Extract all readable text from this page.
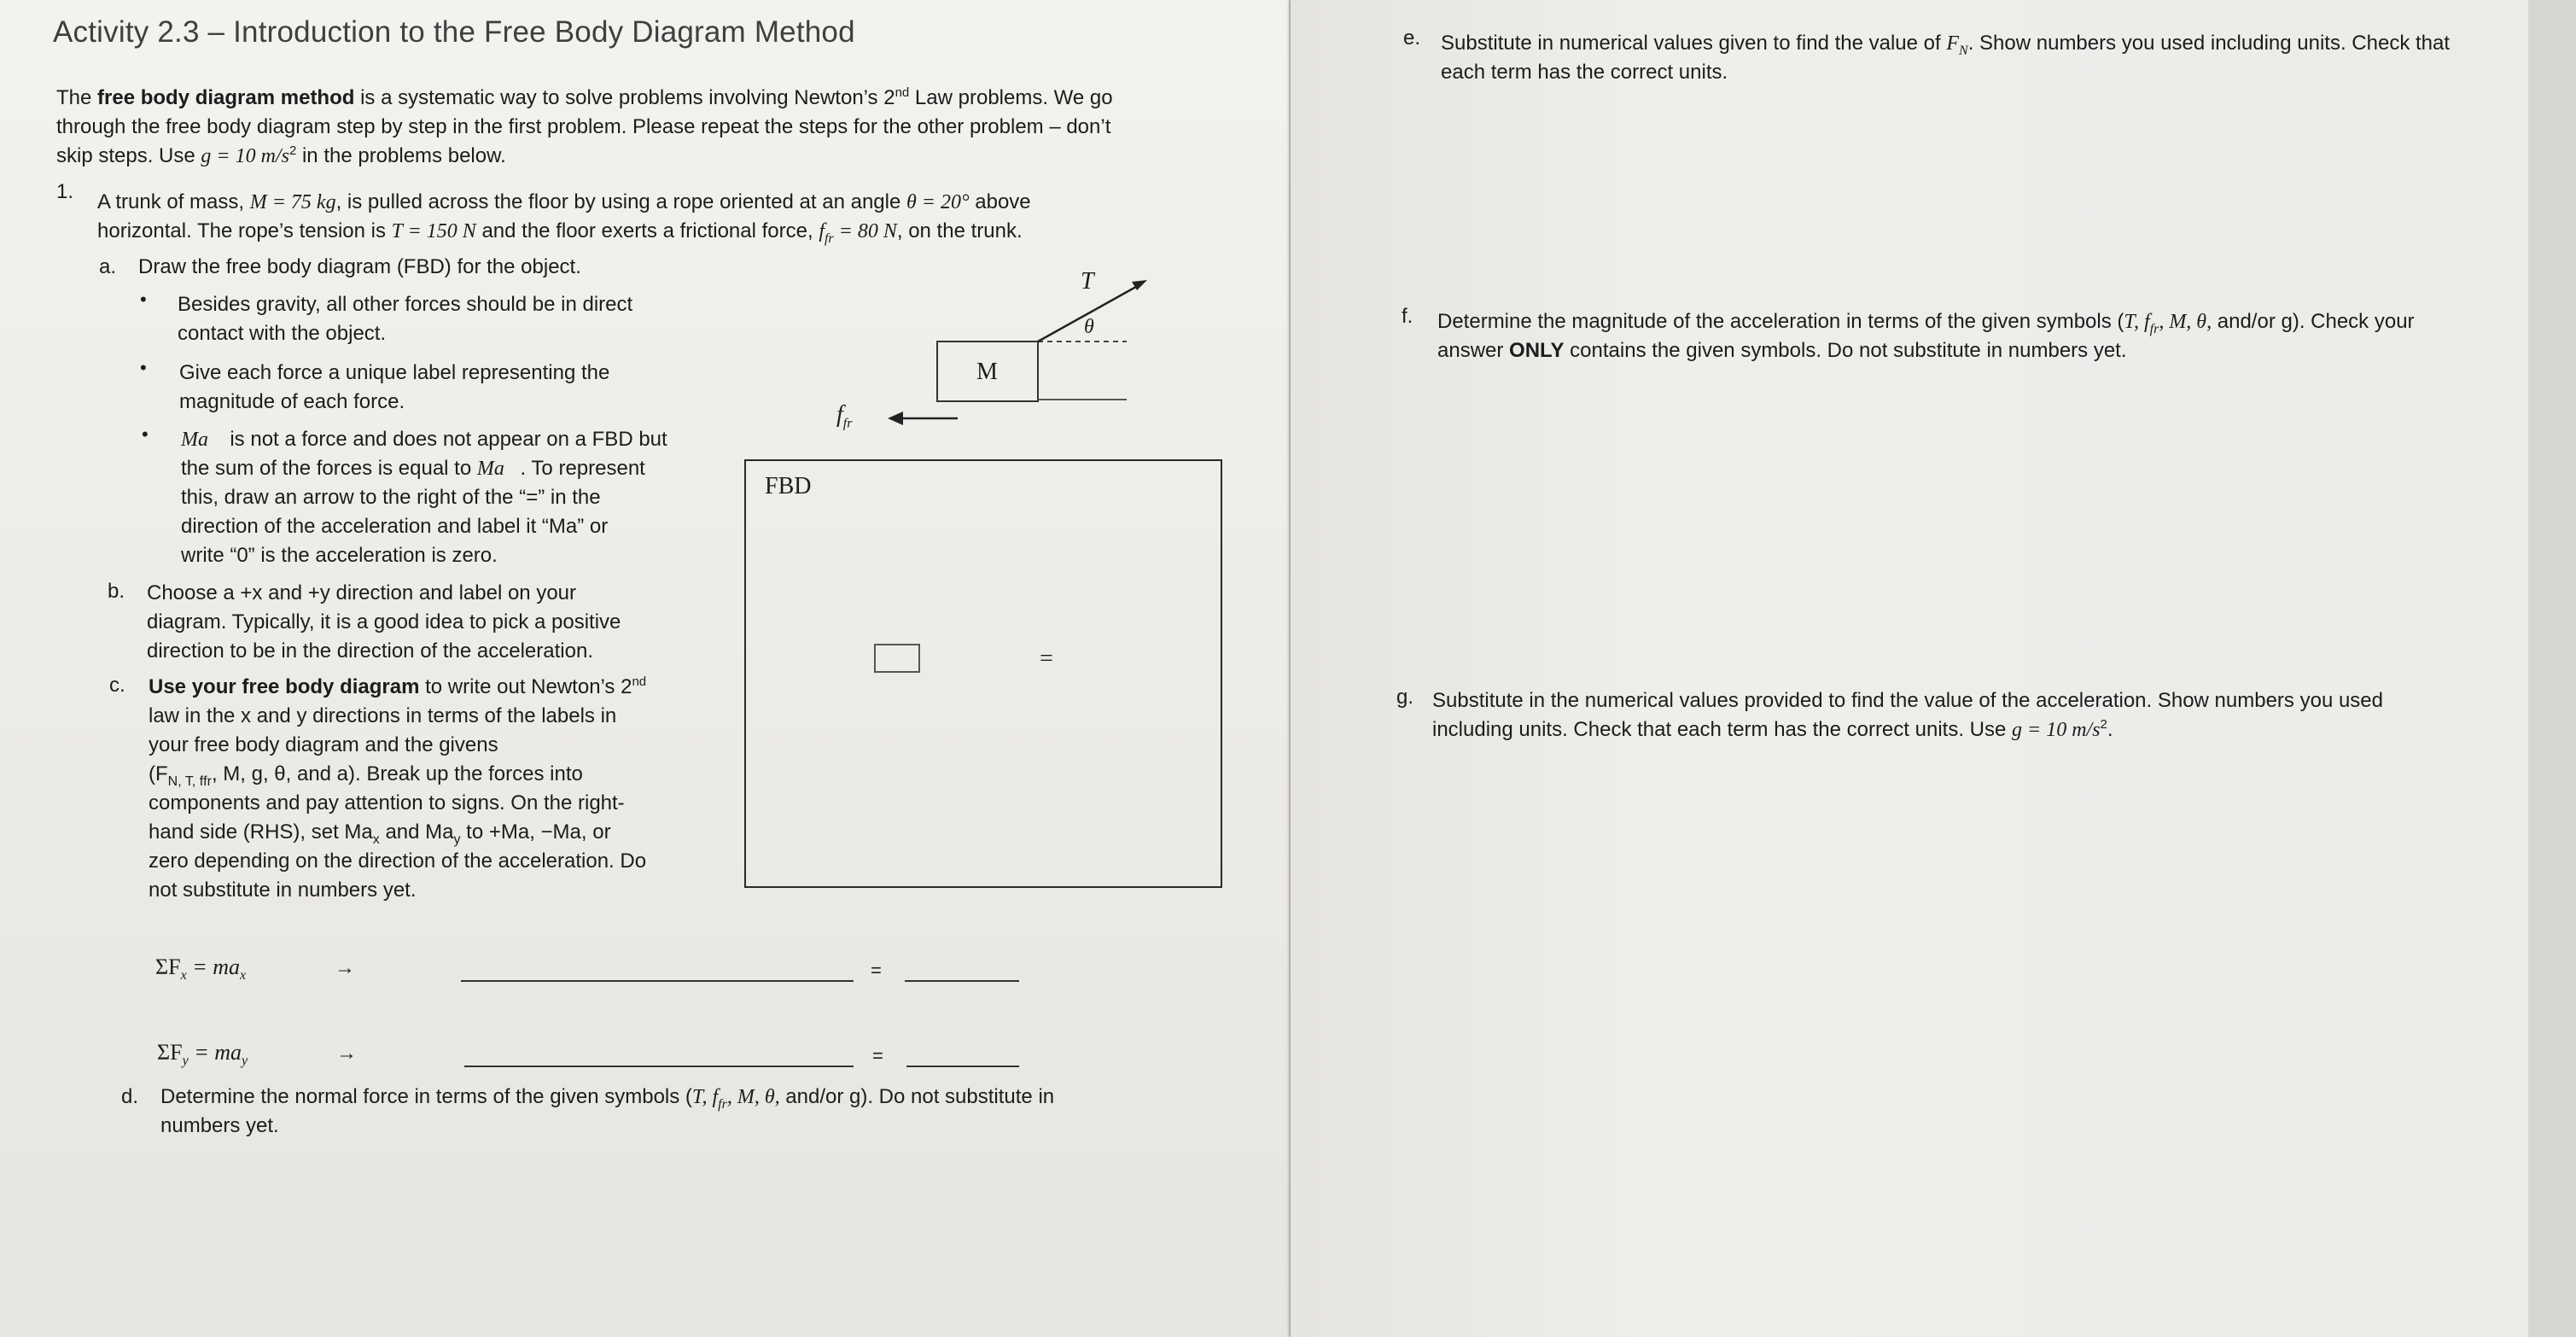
Activity 2.3 – Introduction to the Free Body Diagram Method
The free body diagram method is a systematic way to solve problems involving Newton’s 2nd Law problems. We go
through the free body diagram step by step in the first problem. Please repeat the steps for the other problem – don’t
skip steps. Use g = 10 $m/s^2$ in the problems below.
1. A trunk of mass, M = 75 kg, is pulled across the floor by using a rope oriented at an angle θ = 20° above
horizontal. The rope’s tension is T = 150 N and the floor exerts a frictional force, $f_{fr} = 80$ N, on the trunk.
a. Draw the free body diagram (FBD) for the object.
• Besides gravity, all other forces should be in direct
contact with the object.
• Give each force a unique label representing the
magnitude of each force.
• Ma⃗ is not a force and does not appear on a FBD but
the sum of the forces is equal to Ma⃗. To represent
this, draw an arrow to the right of the “=” in the
direction of the acceleration and label it “Ma” or
write “0” is the acceleration is zero.
b. Choose a +x and +y direction and label on your
diagram. Typically, it is a good idea to pick a positive
direction to be in the direction of the acceleration.
c. Use your free body diagram to write out Newton’s 2nd
law in the x and y directions in terms of the labels in
your free body diagram and the givens
($F_{N, T, ffr}$, M, g, θ, and a). Break up the forces into
components and pay attention to signs. On the right-
hand side (RHS), set $Ma_x$ and $Ma_y$ to +Ma, −Ma, or
zero depending on the direction of the acceleration. Do
not substitute in numbers yet.
M
T
θ
$f_{fr}$
FBD
=
$\Sigma F_x = ma_x$	→	=
$\Sigma F_y = ma_y$	→	=
d. Determine the normal force in terms of the given symbols (T, $f_{fr}$, M, θ, and/or g). Do not substitute in
numbers yet.
e. Substitute in numerical values given to find the value of $F_N$. Show numbers you used including units. Check that
each term has the correct units.
f. Determine the magnitude of the acceleration in terms of the given symbols (T, $f_{fr}$, M, θ, and/or g). Check your
answer ONLY contains the given symbols. Do not substitute in numbers yet.
g. Substitute in the numerical values provided to find the value of the acceleration. Show numbers you used
including units. Check that each term has the correct units. Use g = 10 $m/s^2$.
